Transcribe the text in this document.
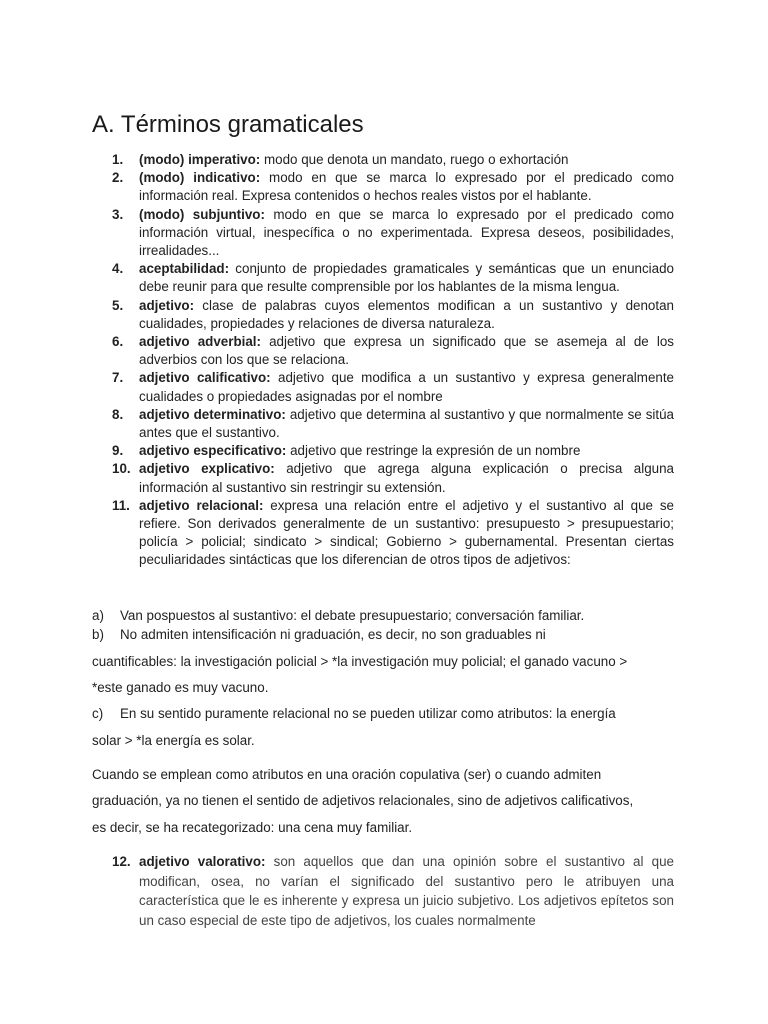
A. Términos gramaticales
1.	(modo) imperativo: modo que denota un mandato, ruego o exhortación
2.	(modo) indicativo: modo en que se marca lo expresado por el predicado como información real. Expresa contenidos o hechos reales vistos por el hablante.
3.	(modo) subjuntivo: modo en que se marca lo expresado por el predicado como información virtual, inespecífica o no experimentada. Expresa deseos, posibilidades, irrealidades...
4.	aceptabilidad: conjunto de propiedades gramaticales y semánticas que un enunciado debe reunir para que resulte comprensible por los hablantes de la misma lengua.
5.	adjetivo: clase de palabras cuyos elementos modifican a un sustantivo y denotan cualidades, propiedades y relaciones de diversa naturaleza.
6.	adjetivo adverbial: adjetivo que expresa un significado que se asemeja al de los adverbios con los que se relaciona.
7.	adjetivo calificativo: adjetivo que modifica a un sustantivo y expresa generalmente cualidades o propiedades asignadas por el nombre
8.	adjetivo determinativo: adjetivo que determina al sustantivo y que normalmente se sitúa antes que el sustantivo.
9.	adjetivo especificativo: adjetivo que restringe la expresión de un nombre
10. adjetivo explicativo: adjetivo que agrega alguna explicación o precisa alguna información al sustantivo sin restringir su extensión.
11. adjetivo relacional: expresa una relación entre el adjetivo y el sustantivo al que se refiere. Son derivados generalmente de un sustantivo: presupuesto > presupuestario; policía > policial; sindicato > sindical; Gobierno > gubernamental. Presentan ciertas peculiaridades sintácticas que los diferencian de otros tipos de adjetivos:
a) Van pospuestos al sustantivo: el debate presupuestario; conversación familiar.
b) No admiten intensificación ni graduación, es decir, no son graduables ni
cuantificables: la investigación policial > *la investigación muy policial; el ganado vacuno >
*este ganado es muy vacuno.
c) En su sentido puramente relacional no se pueden utilizar como atributos: la energía
solar > *la energía es solar.
Cuando se emplean como atributos en una oración copulativa (ser) o cuando admiten
graduación, ya no tienen el sentido de adjetivos relacionales, sino de adjetivos calificativos,
es decir, se ha recategorizado: una cena muy familiar.
12. adjetivo valorativo: son aquellos que dan una opinión sobre el sustantivo al que modifican, osea, no varían el significado del sustantivo pero le atribuyen una característica que le es inherente y expresa un juicio subjetivo. Los adjetivos epítetos son un caso especial de este tipo de adjetivos, los cuales normalmente
